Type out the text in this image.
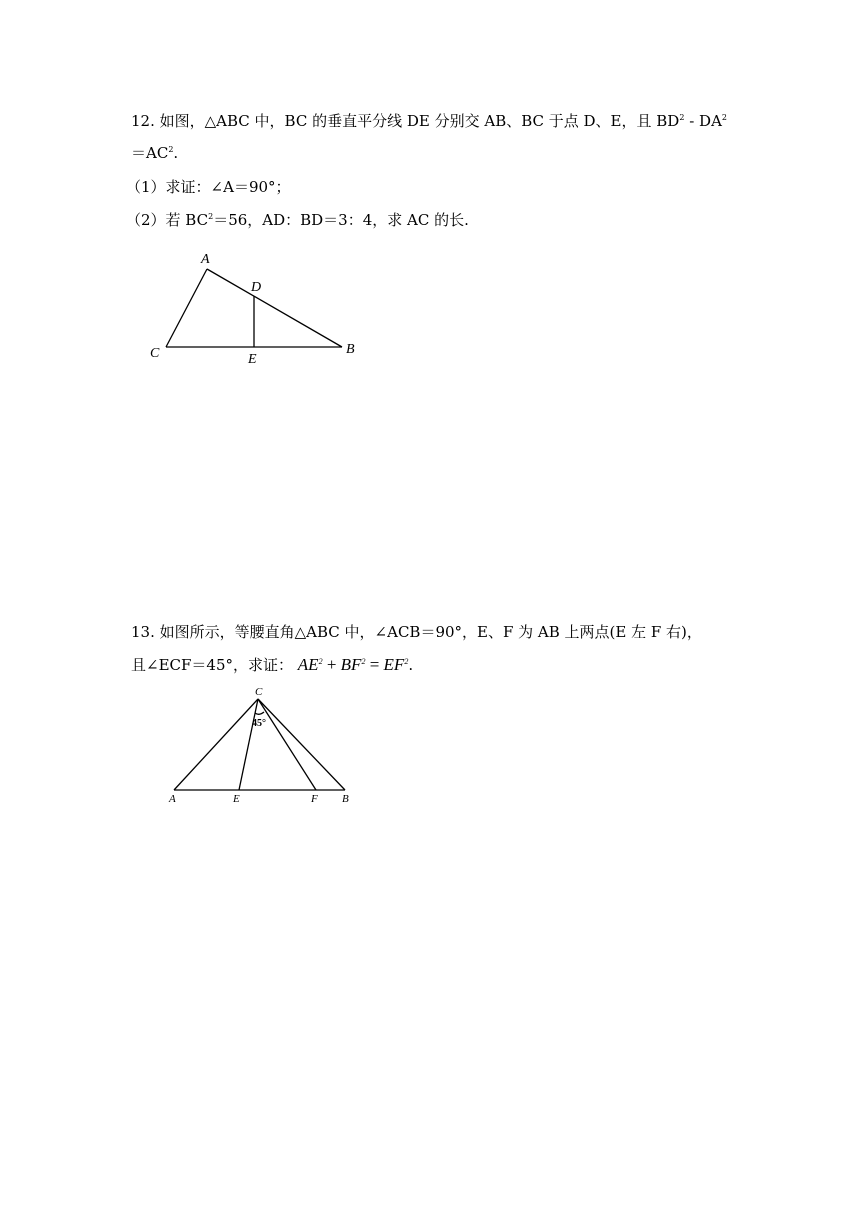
12. 如图，△ABC 中，BC 的垂直平分线 DE 分别交 AB、BC 于点 D、E，且 $BD^2 - DA^2$
$=AC^2$.
（1）求证：∠A＝90°；
（2）若 $BC^2=56$，AD：BD＝3：4，求 AC 的长.
A
D
C	E
B
13. 如图所示，等腰直角△ABC 中，∠ACB＝90°，E、F 为 AB 上两点(E 左 F 右)，
且∠ECF＝45°，求证： $AE^2 + BF^2 = EF^2$.
C
A	E	F B
45°
